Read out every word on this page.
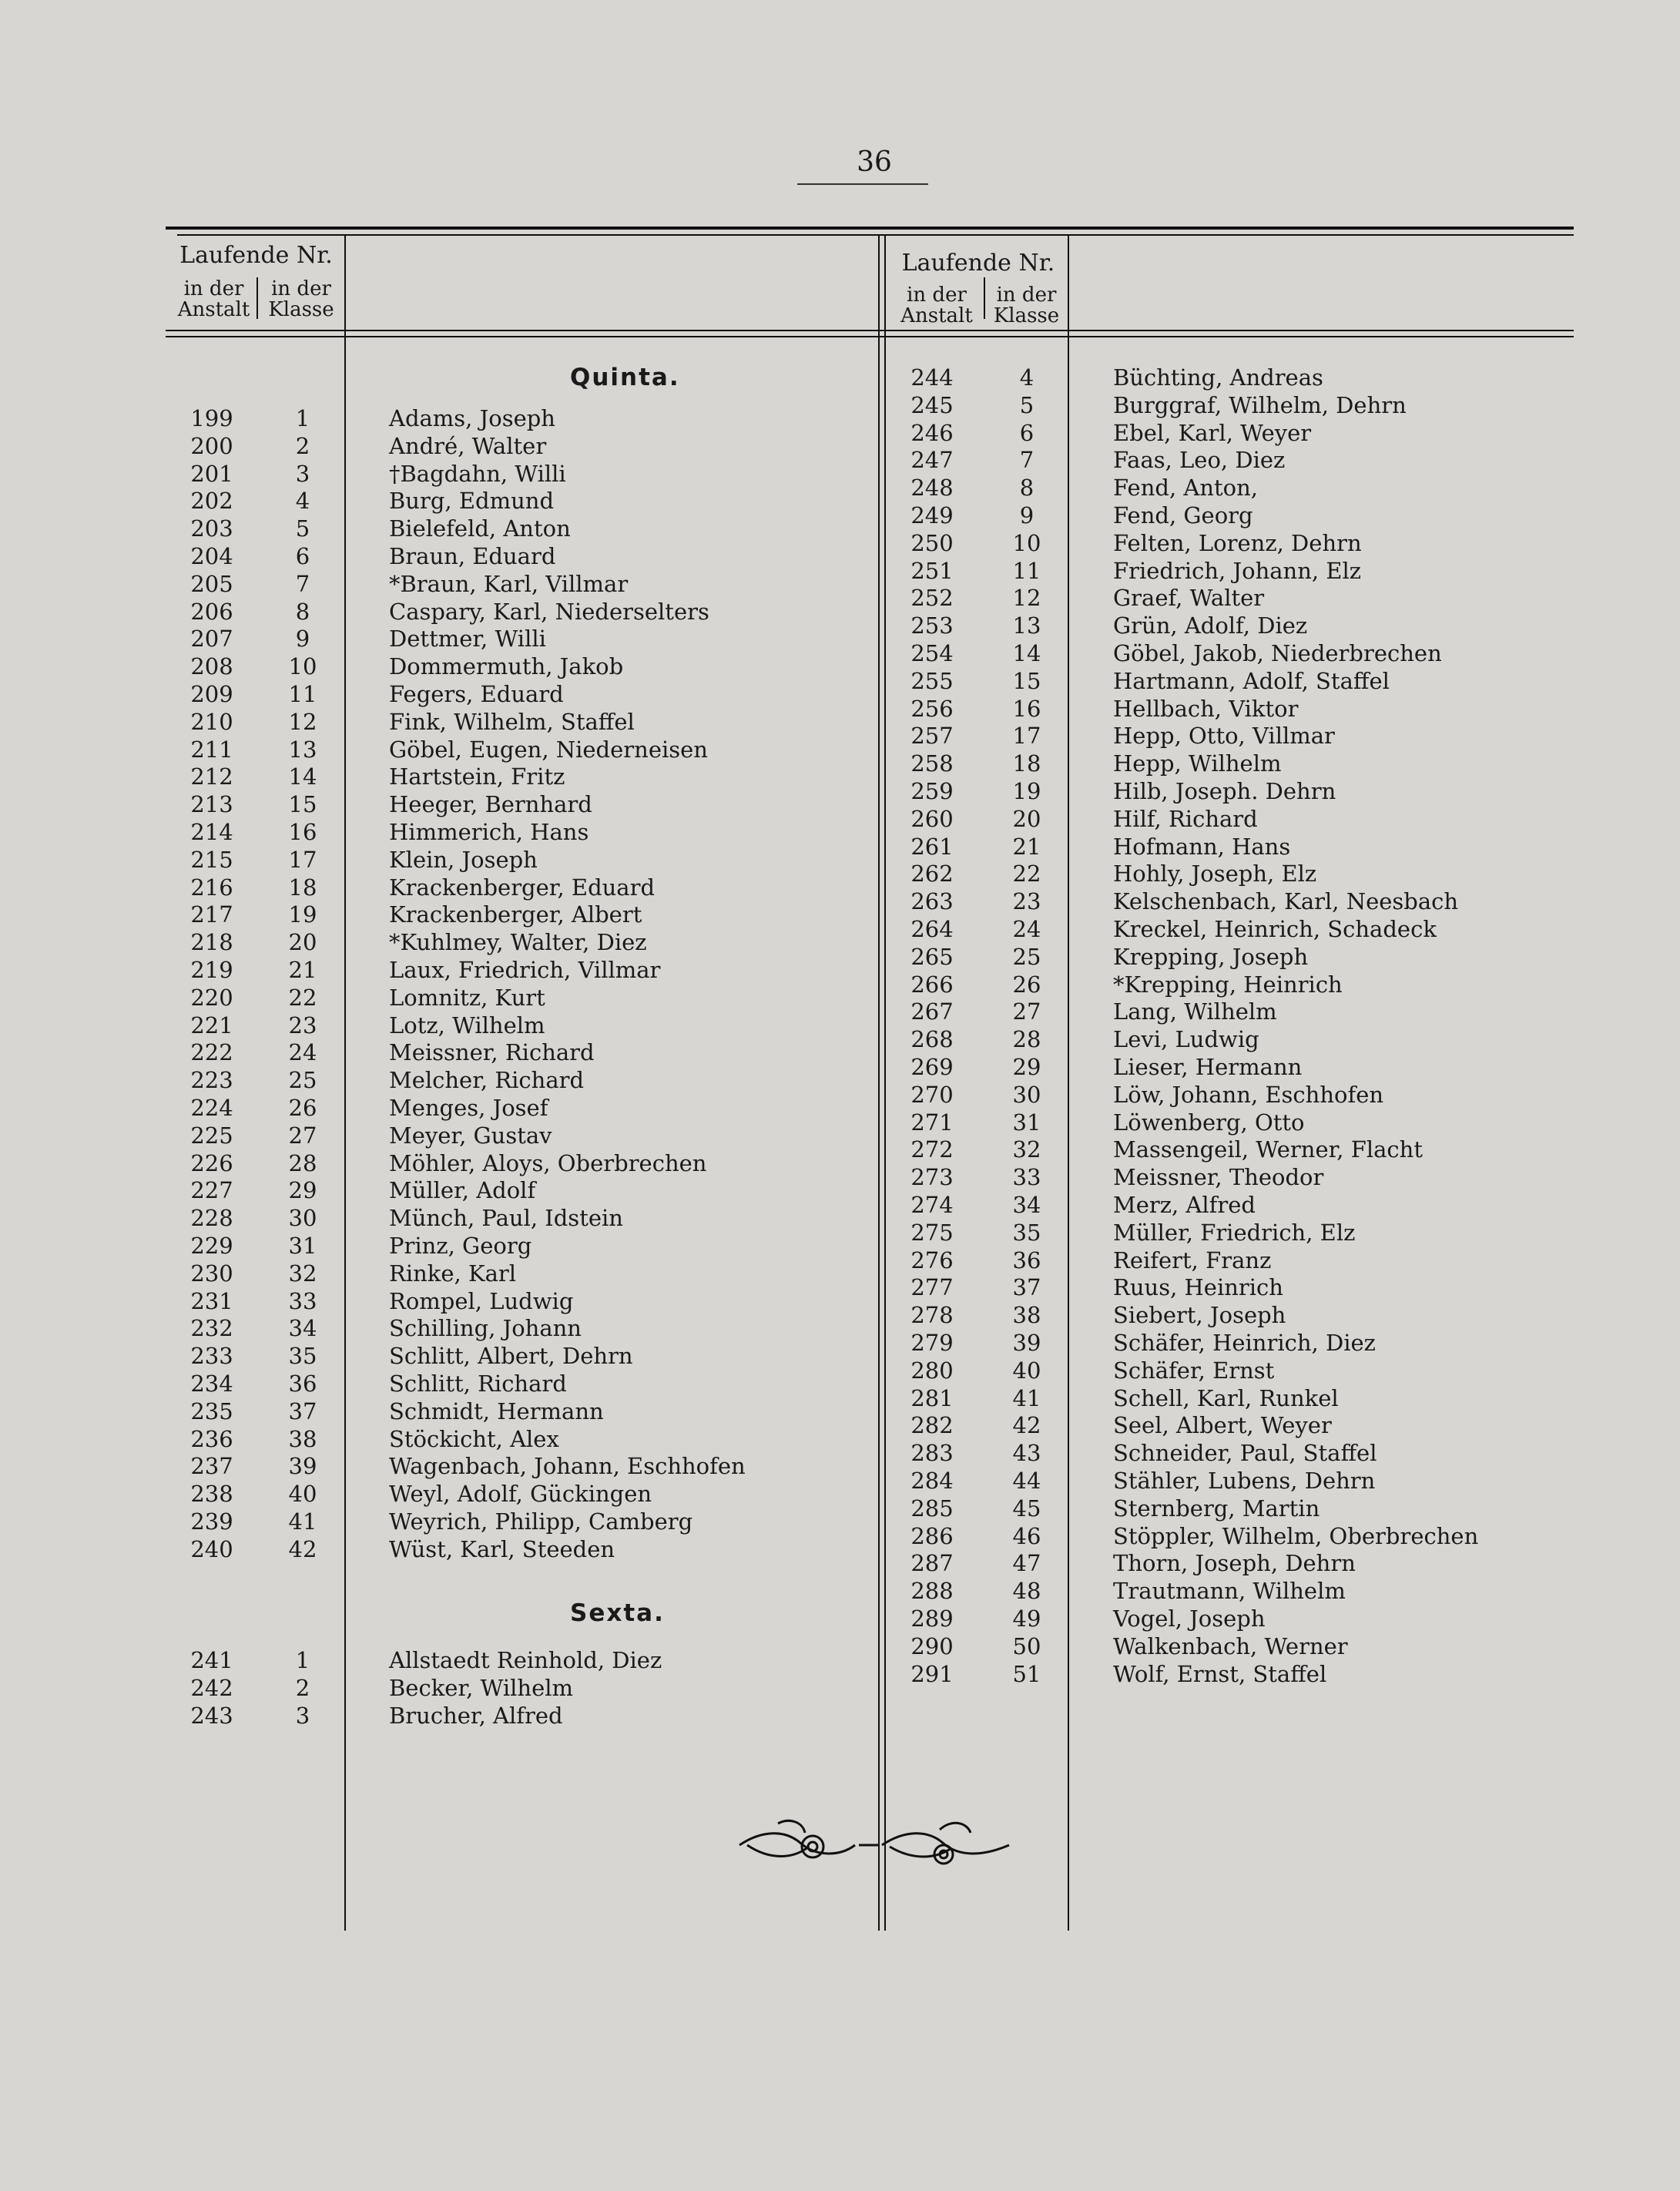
36
Laufende Nr.
in der
Anstalt
in der
Klasse
Laufende Nr.
in der
Anstalt
in der
Klasse
Quinta.
Sexta.
199	1	Adams, Joseph
200	2	André, Walter
201	3	†Bagdahn, Willi
202	4	Burg, Edmund
203	5	Bielefeld, Anton
204	6	Braun, Eduard
205	7	*Braun, Karl, Villmar
206	8	Caspary, Karl, Niederselters
207	9	Dettmer, Willi
208	10	Dommermuth, Jakob
209	11	Fegers, Eduard
210	12	Fink, Wilhelm, Staffel
211	13	Göbel, Eugen, Niederneisen
212	14	Hartstein, Fritz
213	15	Heeger, Bernhard
214	16	Himmerich, Hans
215	17	Klein, Joseph
216	18	Krackenberger, Eduard
217	19	Krackenberger, Albert
218	20	*Kuhlmey, Walter, Diez
219	21	Laux, Friedrich, Villmar
220	22	Lomnitz, Kurt
221	23	Lotz, Wilhelm
222	24	Meissner, Richard
223	25	Melcher, Richard
224	26	Menges, Josef
225	27	Meyer, Gustav
226	28	Möhler, Aloys, Oberbrechen
227	29	Müller, Adolf
228	30	Münch, Paul, Idstein
229	31	Prinz, Georg
230	32	Rinke, Karl
231	33	Rompel, Ludwig
232	34	Schilling, Johann
233	35	Schlitt, Albert, Dehrn
234	36	Schlitt, Richard
235	37	Schmidt, Hermann
236	38	Stöckicht, Alex
237	39	Wagenbach, Johann, Eschhofen
238	40	Weyl, Adolf, Gückingen
239	41	Weyrich, Philipp, Camberg
240	42	Wüst, Karl, Steeden
241	1	Allstaedt Reinhold, Diez
242	2	Becker, Wilhelm
243	3	Brucher, Alfred
244	4	Büchting, Andreas
245	5	Burggraf, Wilhelm, Dehrn
246	6	Ebel, Karl, Weyer
247	7	Faas, Leo, Diez
248	8	Fend, Anton,
249	9	Fend, Georg
250	10	Felten, Lorenz, Dehrn
251	11	Friedrich, Johann, Elz
252	12	Graef, Walter
253	13	Grün, Adolf, Diez
254	14	Göbel, Jakob, Niederbrechen
255	15	Hartmann, Adolf, Staffel
256	16	Hellbach, Viktor
257	17	Hepp, Otto, Villmar
258	18	Hepp, Wilhelm
259	19	Hilb, Joseph. Dehrn
260	20	Hilf, Richard
261	21	Hofmann, Hans
262	22	Hohly, Joseph, Elz
263	23	Kelschenbach, Karl, Neesbach
264	24	Kreckel, Heinrich, Schadeck
265	25	Krepping, Joseph
266	26	*Krepping, Heinrich
267	27	Lang, Wilhelm
268	28	Levi, Ludwig
269	29	Lieser, Hermann
270	30	Löw, Johann, Eschhofen
271	31	Löwenberg, Otto
272	32	Massengeil, Werner, Flacht
273	33	Meissner, Theodor
274	34	Merz, Alfred
275	35	Müller, Friedrich, Elz
276	36	Reifert, Franz
277	37	Ruus, Heinrich
278	38	Siebert, Joseph
279	39	Schäfer, Heinrich, Diez
280	40	Schäfer, Ernst
281	41	Schell, Karl, Runkel
282	42	Seel, Albert, Weyer
283	43	Schneider, Paul, Staffel
284	44	Stähler, Lubens, Dehrn
285	45	Sternberg, Martin
286	46	Stöppler, Wilhelm, Oberbrechen
287	47	Thorn, Joseph, Dehrn
288	48	Trautmann, Wilhelm
289	49	Vogel, Joseph
290	50	Walkenbach, Werner
291	51	Wolf, Ernst, Staffel
